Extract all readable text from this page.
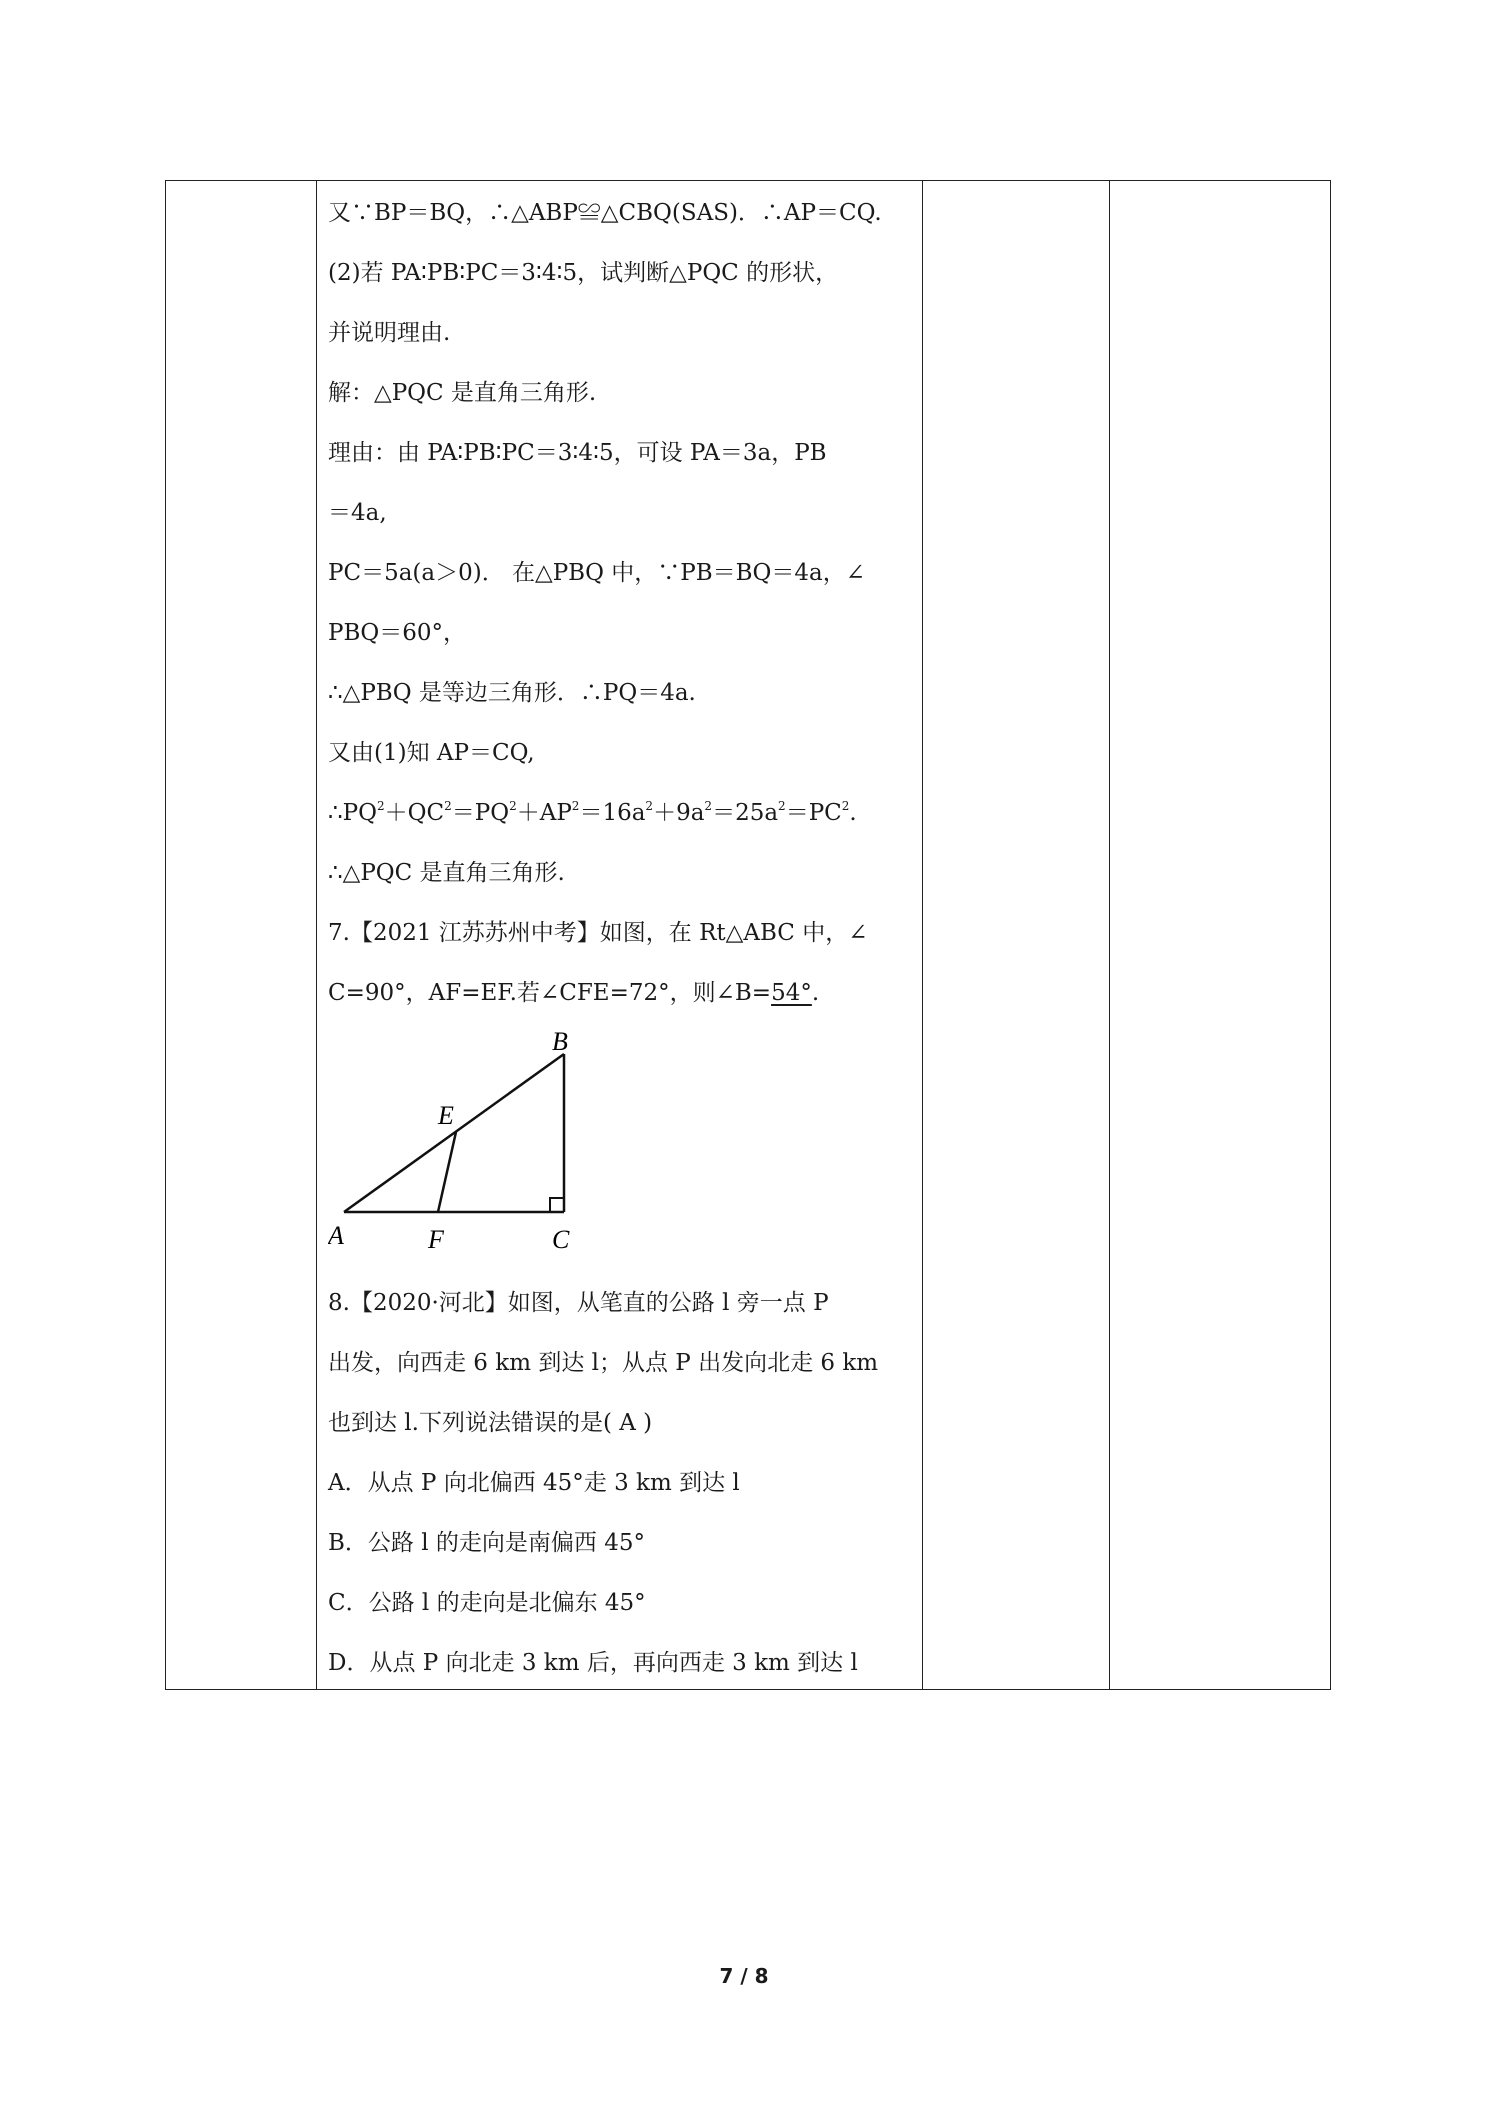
又∵BP＝BQ，∴△ABP≌△CBQ(SAS)．∴AP＝CQ.
(2)若 PA∶PB∶PC＝3∶4∶5，试判断△PQC 的形状，
并说明理由.
解：△PQC 是直角三角形.
理由：由 PA∶PB∶PC＝3∶4∶5，可设 PA＝3a，PB
＝4a,
PC＝5a(a＞0)． 在△PBQ 中，∵PB＝BQ＝4a，∠
PBQ＝60°，
∴△PBQ 是等边三角形．∴PQ＝4a.
又由(1)知 AP＝CQ,
$\therefore PQ^2+QC^2=PQ^2+AP^2=16a^2+9a^2=25a^2=PC^2$.
∴△PQC 是直角三角形.
7.【2021 江苏苏州中考】如图，在 Rt△ABC 中，∠
C=90°，AF=EF.若∠CFE=72°，则∠B=54°.
8.【2020·河北】如图，从笔直的公路 l 旁一点 P
出发，向西走 6 km 到达 l；从点 P 出发向北走 6 km
也到达 l.下列说法错误的是( A )
A．从点 P 向北偏西 45°走 3 km 到达 l
B．公路 l 的走向是南偏西 45°
C．公路 l 的走向是北偏东 45°
D．从点 P 向北走 3 km 后，再向西走 3 km 到达 l
B
E
A	F	C
7 / 8
